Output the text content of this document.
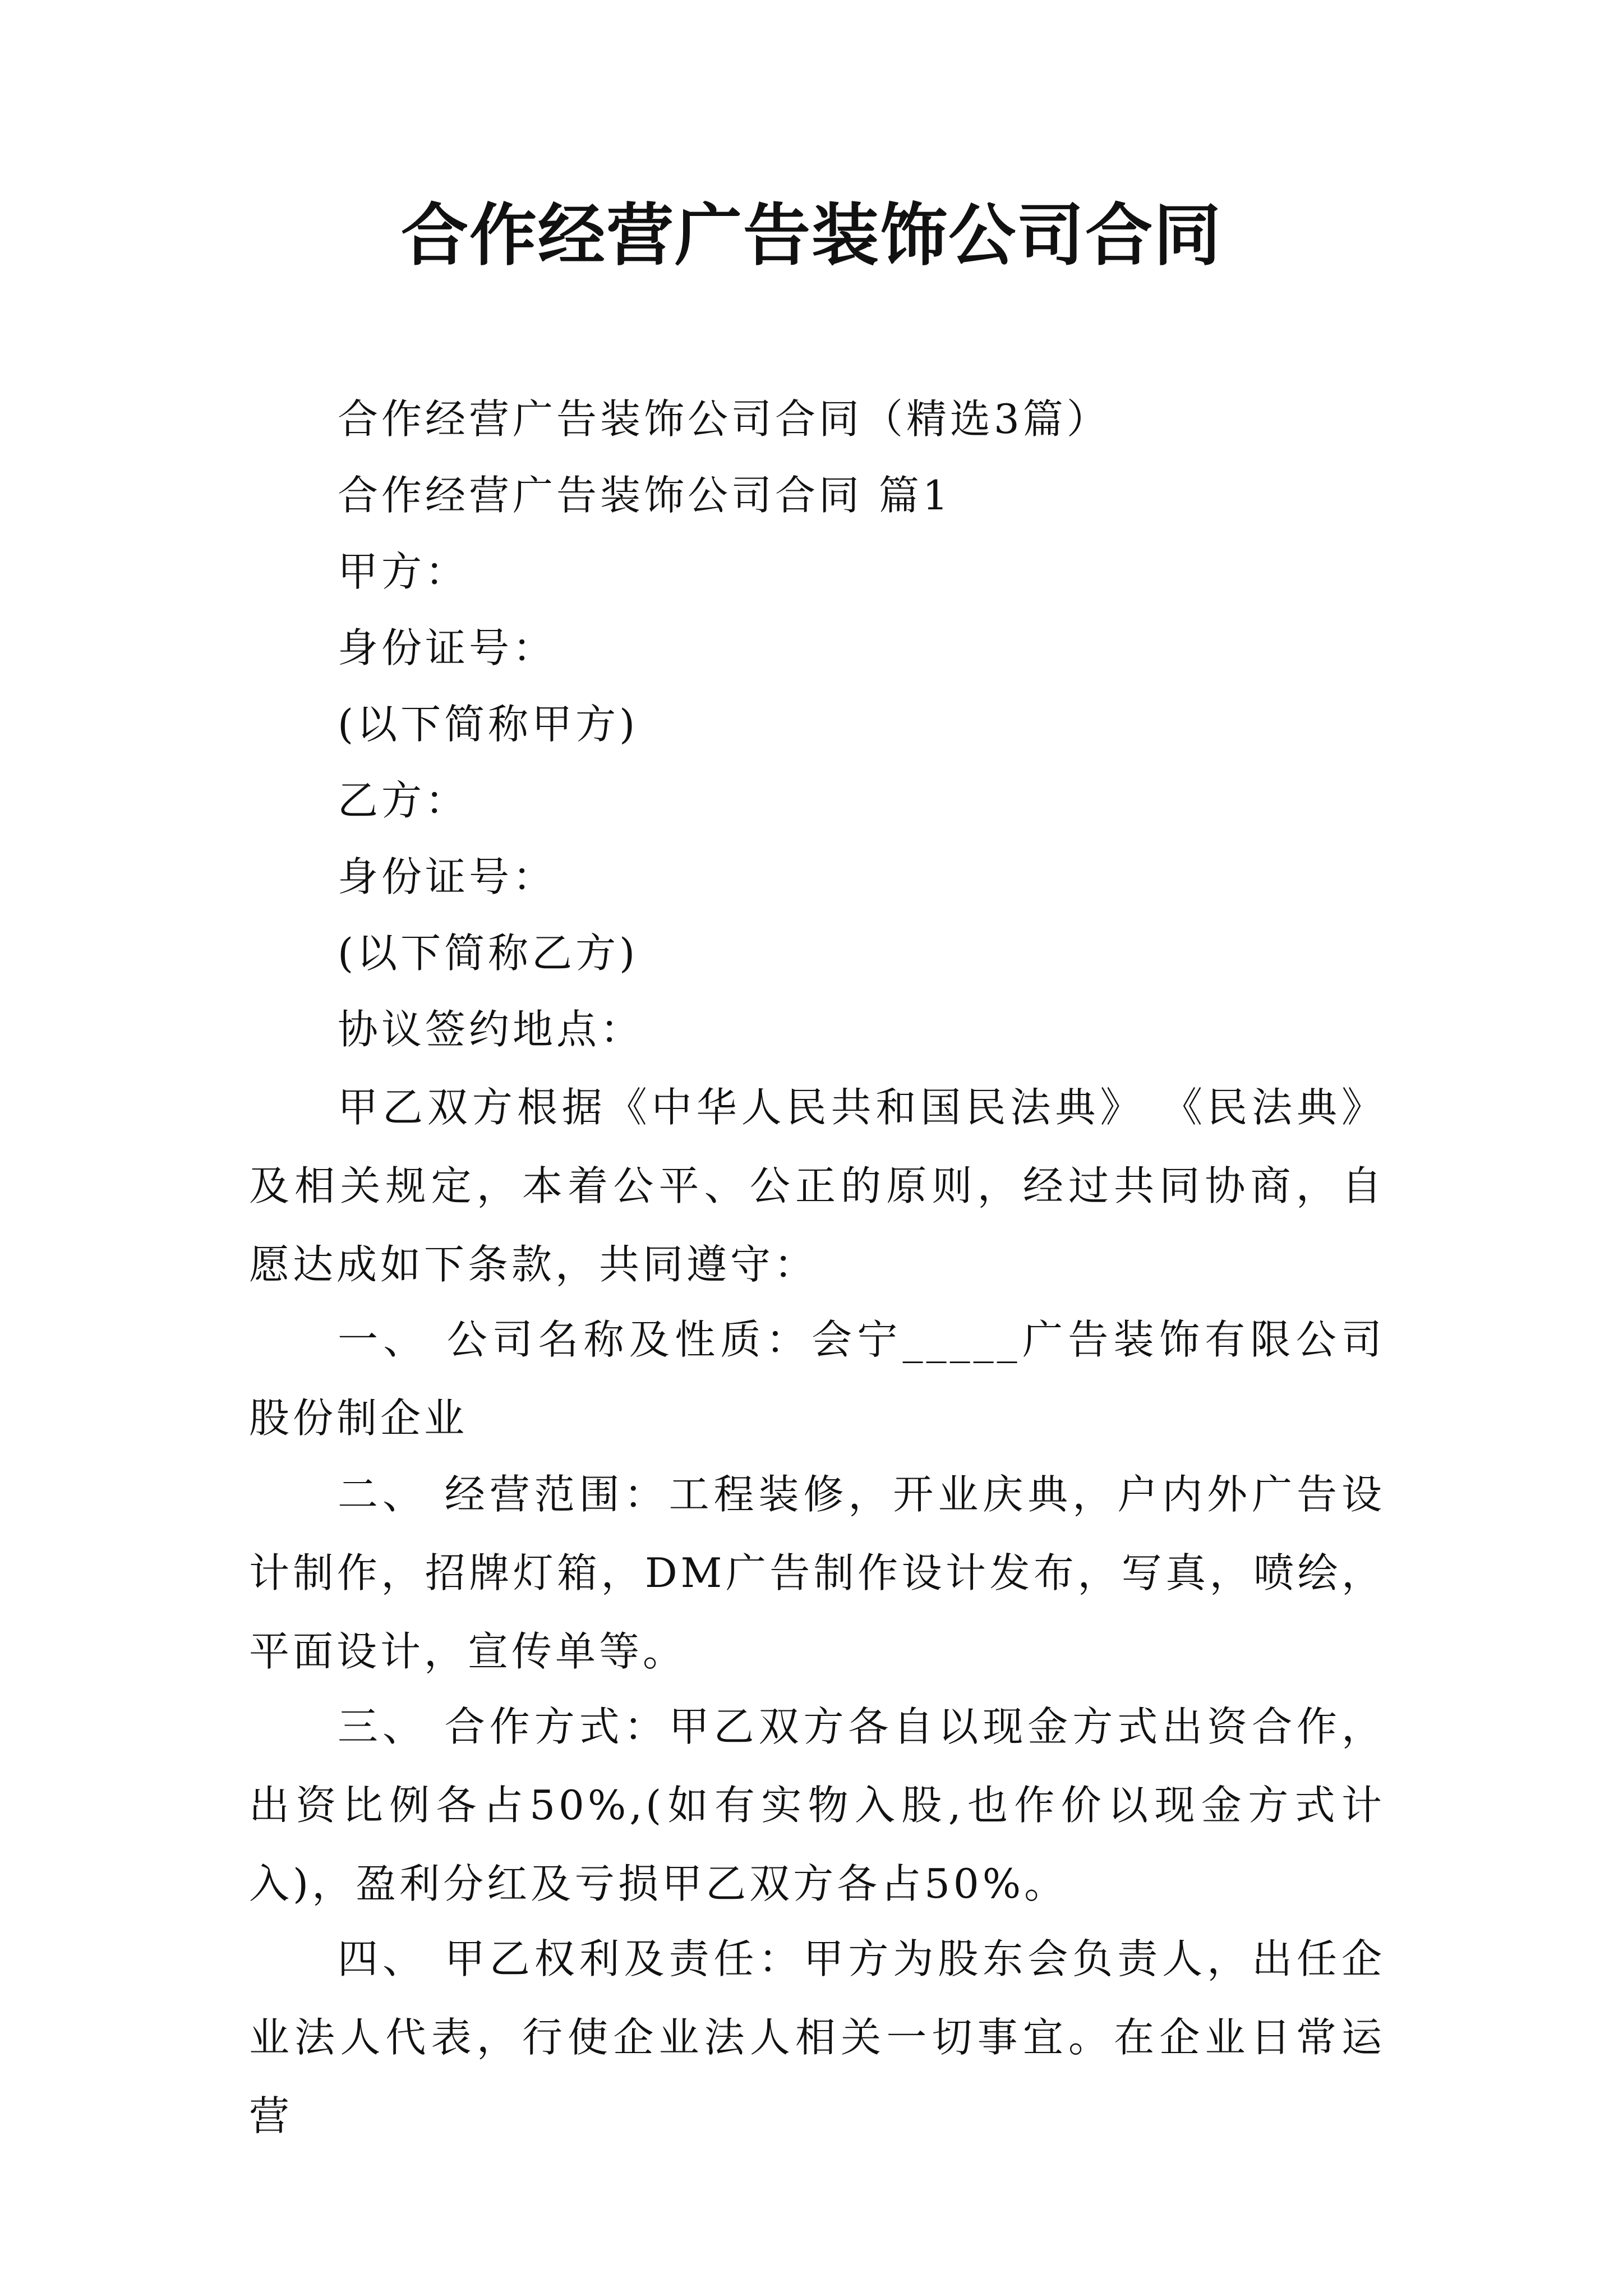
合作经营广告装饰公司合同
合作经营广告装饰公司合同（精选3篇）
合作经营广告装饰公司合同 篇1
甲方：
身份证号：
(以下简称甲方)
乙方：
身份证号：
(以下简称乙方)
协议签约地点：
甲乙双方根据《中华人民共和国民法典》 《民法典》及相关规定，本着公平、公正的原则，经过共同协商，自愿达成如下条款，共同遵守：
一、 公司名称及性质：会宁_____广告装饰有限公司股份制企业
二、 经营范围：工程装修，开业庆典，户内外广告设计制作，招牌灯箱，DM广告制作设计发布，写真，喷绘，平面设计，宣传单等。
三、 合作方式：甲乙双方各自以现金方式出资合作，出资比例各占50%,(如有实物入股,也作价以现金方式计入)，盈利分红及亏损甲乙双方各占50%。
四、 甲乙权利及责任：甲方为股东会负责人，出任企业法人代表，行使企业法人相关一切事宜。在企业日常运营
